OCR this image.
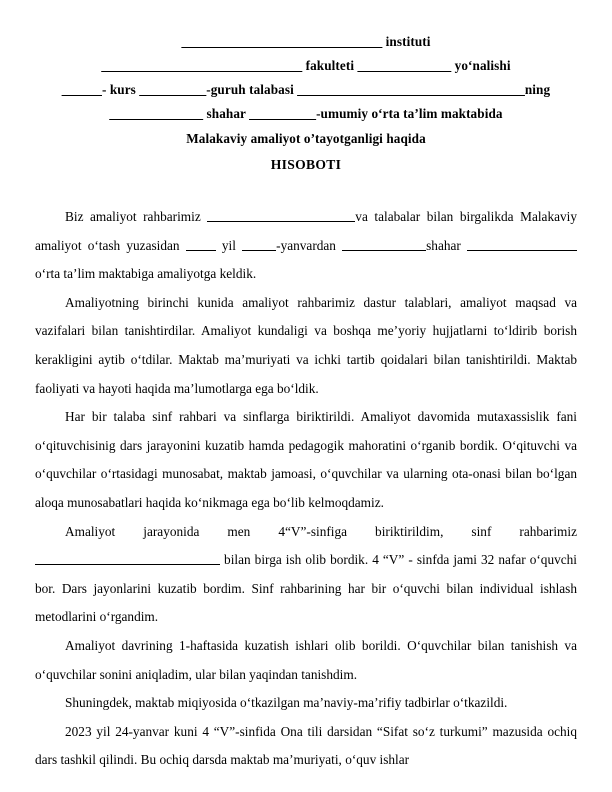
______________________________ instituti
______________________________ fakulteti ______________ yo‘nalishi
______- kurs __________-guruh talabasi __________________________________ning
______________ shahar __________-umumiy o‘rta ta’lim maktabida
Malakaviy amaliyot o’tayotganligi haqida
HISOBOTI

Biz amaliyot rahbarimiz	va talabalar bilan birgalikda Malakaviy amaliyot o‘tash yuzasidan  yil	-yanvardan	shahar  o‘rta ta’lim maktabiga amaliyotga keldik.

Amaliyotning birinchi kunida amaliyot rahbarimiz dastur talablari, amaliyot maqsad va vazifalari bilan tanishtirdilar. Amaliyot kundaligi va boshqa me’yoriy hujjatlarni to‘ldirib borish kerakligini aytib o‘tdilar. Maktab ma’muriyati va ichki tartib qoidalari bilan tanishtirildi. Maktab faoliyati va hayoti haqida ma’lumotlarga ega bo‘ldik.

Har bir talaba sinf rahbari va sinflarga biriktirildi. Amaliyot davomida mutaxassislik fani o‘qituvchisinig dars jarayonini kuzatib hamda pedagogik mahoratini o‘rganib bordik. O‘qituvchi va o‘quvchilar o‘rtasidagi munosabat, maktab jamoasi, o‘quvchilar va ularning ota-onasi bilan bo‘lgan aloqa munosabatlari haqida ko‘nikmaga ega bo‘lib kelmoqdamiz.

Amaliyot jarayonida men 4“V”-sinfiga biriktirildim, sinf rahbarimiz  bilan birga ish olib bordik. 4 “V” - sinfda jami 32 nafar o‘quvchi bor. Dars jayonlarini kuzatib bordim. Sinf rahbarining har bir o‘quvchi bilan individual ishlash metodlarini o‘rgandim.

Amaliyot davrining 1-haftasida kuzatish ishlari olib borildi. O‘quvchilar bilan tanishish va o‘quvchilar sonini aniqladim, ular bilan yaqindan tanishdim.

Shuningdek, maktab miqiyosida o‘tkazilgan ma’naviy-ma’rifiy tadbirlar o‘tkazildi.

2023 yil 24-yanvar kuni 4 “V”-sinfida Ona tili darsidan “Sifat so‘z turkumi” mazusida ochiq dars tashkil qilindi. Bu ochiq darsda maktab ma’muriyati, o‘quv ishlar
